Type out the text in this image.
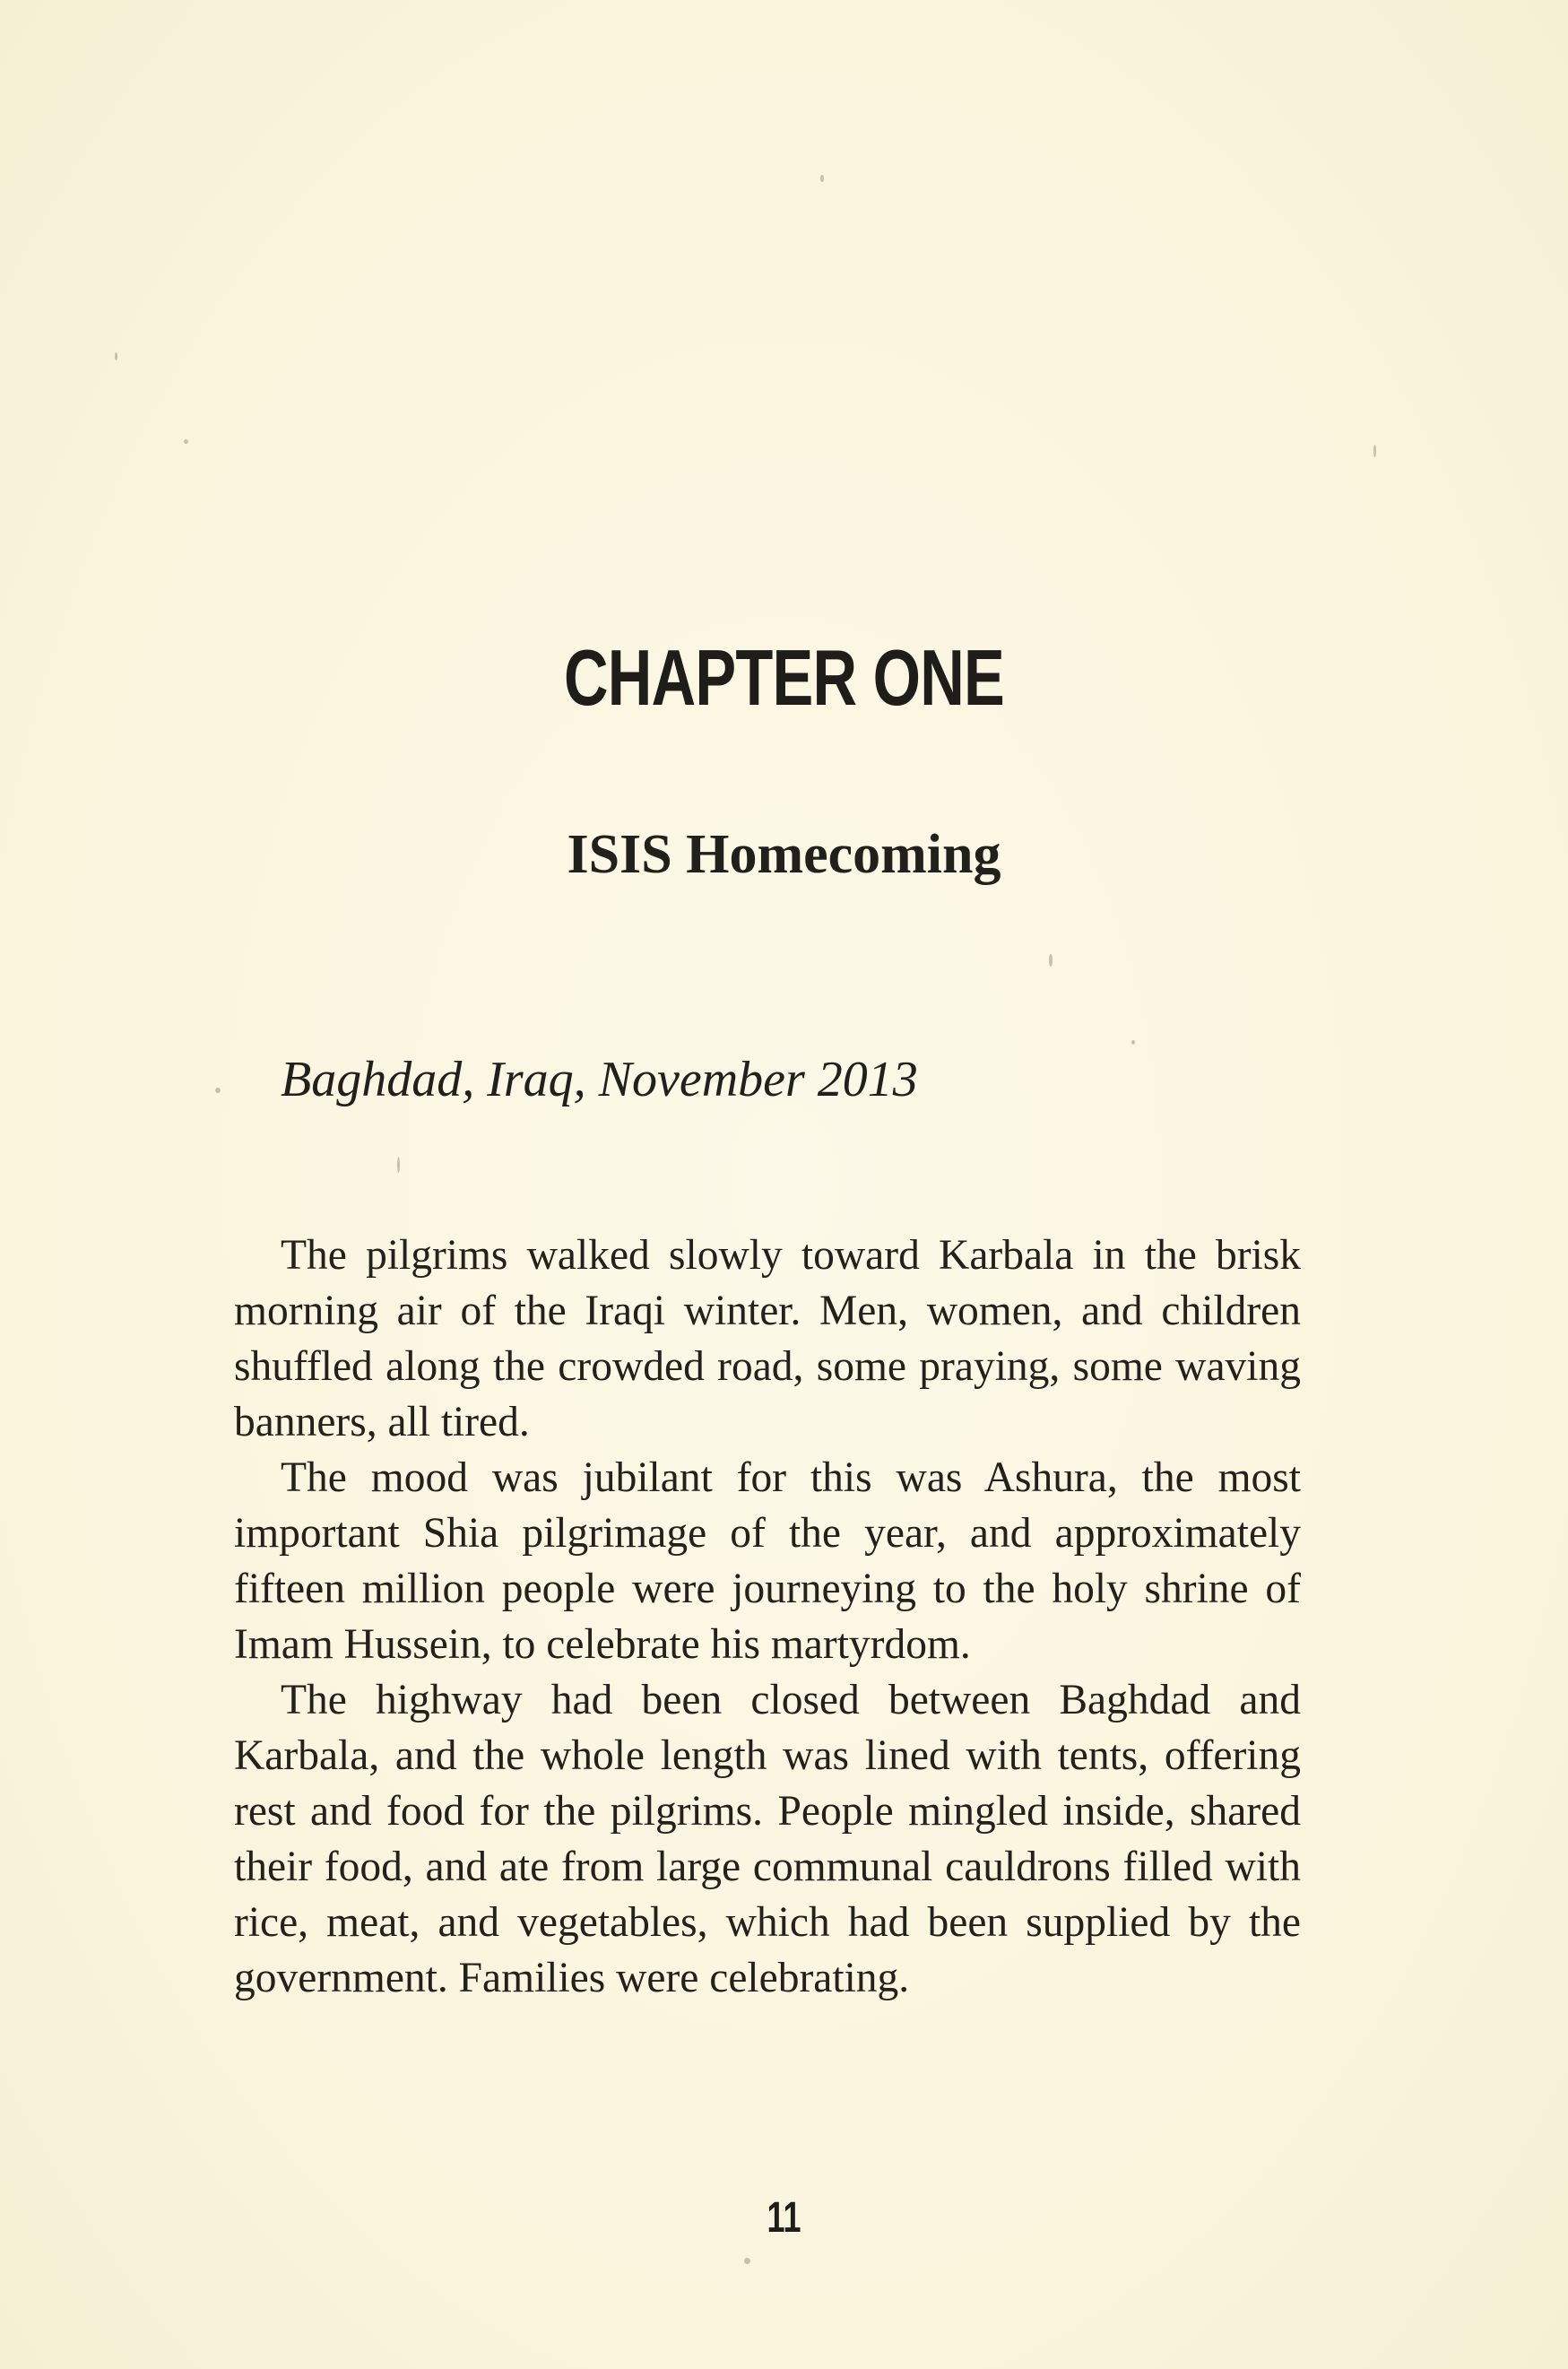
CHAPTER ONE
ISIS Homecoming

Baghdad, Iraq, November 2013

The pilgrims walked slowly toward Karbala in the brisk morning air of the Iraqi winter. Men, women, and children shuffled along the crowded road, some praying, some waving banners, all tired.

The mood was jubilant for this was Ashura, the most important Shia pilgrimage of the year, and approximately fifteen million people were journeying to the holy shrine of Imam Hussein, to celebrate his martyrdom.

The highway had been closed between Baghdad and Karbala, and the whole length was lined with tents, offering rest and food for the pilgrims. People mingled inside, shared their food, and ate from large communal cauldrons filled with rice, meat, and vegetables, which had been supplied by the government. Families were celebrating.

11
